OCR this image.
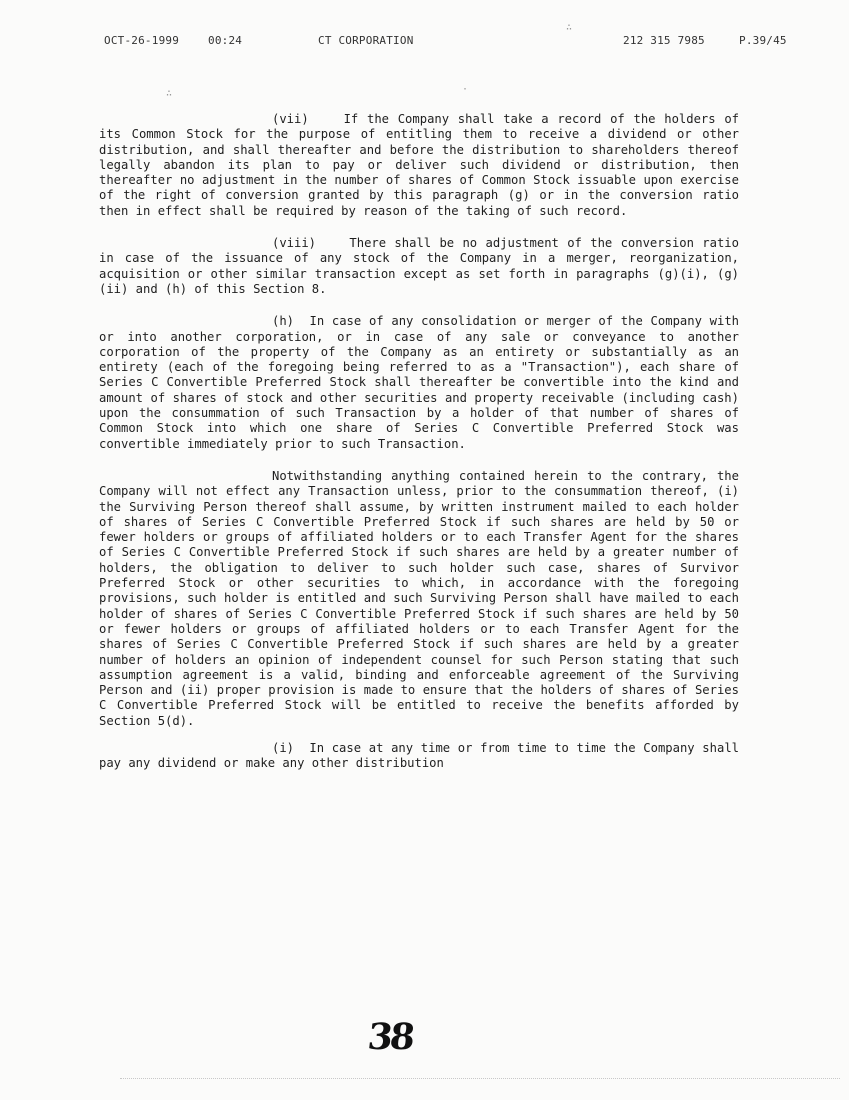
OCT-26-1999	00:24	CT CORPORATION	212 315 7985	P.39/45
∴
∴	·

(vii)    If the Company shall take a record of the holders of its Common Stock for the purpose of entitling them to receive a dividend or other distribution, and shall thereafter and before the distribution to shareholders thereof legally abandon its plan to pay or deliver such dividend or distribution, then thereafter no adjustment in the number of shares of Common Stock issuable upon exercise of the right of conversion granted by this paragraph (g) or in the conversion ratio then in effect shall be required by reason of the taking of such record.

(viii)    There shall be no adjustment of the conversion ratio in case of the issuance of any stock of the Company in a merger, reorganization, acquisition or other similar transaction except as set forth in paragraphs (g)(i), (g)(ii) and (h) of this Section 8.

(h)  In case of any consolidation or merger of the Company with or into another corporation, or in case of any sale or conveyance to another corporation of the property of the Company as an entirety or substantially as an entirety (each of the foregoing being referred to as a "Transaction"), each share of Series C Convertible Preferred Stock shall thereafter be convertible into the kind and amount of shares of stock and other securities and property receivable (including cash) upon the consummation of such Transaction by a holder of that number of shares of Common Stock into which one share of Series C Convertible Preferred Stock was convertible immediately prior to such Transaction.

Notwithstanding anything contained herein to the contrary, the Company will not effect any Transaction unless, prior to the consummation thereof, (i) the Surviving Person thereof shall assume, by written instrument mailed to each holder of shares of Series C Convertible Preferred Stock if such shares are held by 50 or fewer holders or groups of affiliated holders or to each Transfer Agent for the shares of Series C Convertible Preferred Stock if such shares are held by a greater number of holders, the obligation to deliver to such holder such case, shares of Survivor Preferred Stock or other securities to which, in accordance with the foregoing provisions, such holder is entitled and such Surviving Person shall have mailed to each holder of shares of Series C Convertible Preferred Stock if such shares are held by 50 or fewer holders or groups of affiliated holders or to each Transfer Agent for the shares of Series C Convertible Preferred Stock if such shares are held by a greater number of holders an opinion of independent counsel for such Person stating that such assumption agreement is a valid, binding and enforceable agreement of the Surviving Person and (ii) proper provision is made to ensure that the holders of shares of Series C Convertible Preferred Stock will be entitled to receive the benefits afforded by Section 5(d).

(i)  In case at any time or from time to time the Company shall pay any dividend or make any other distribution

38
